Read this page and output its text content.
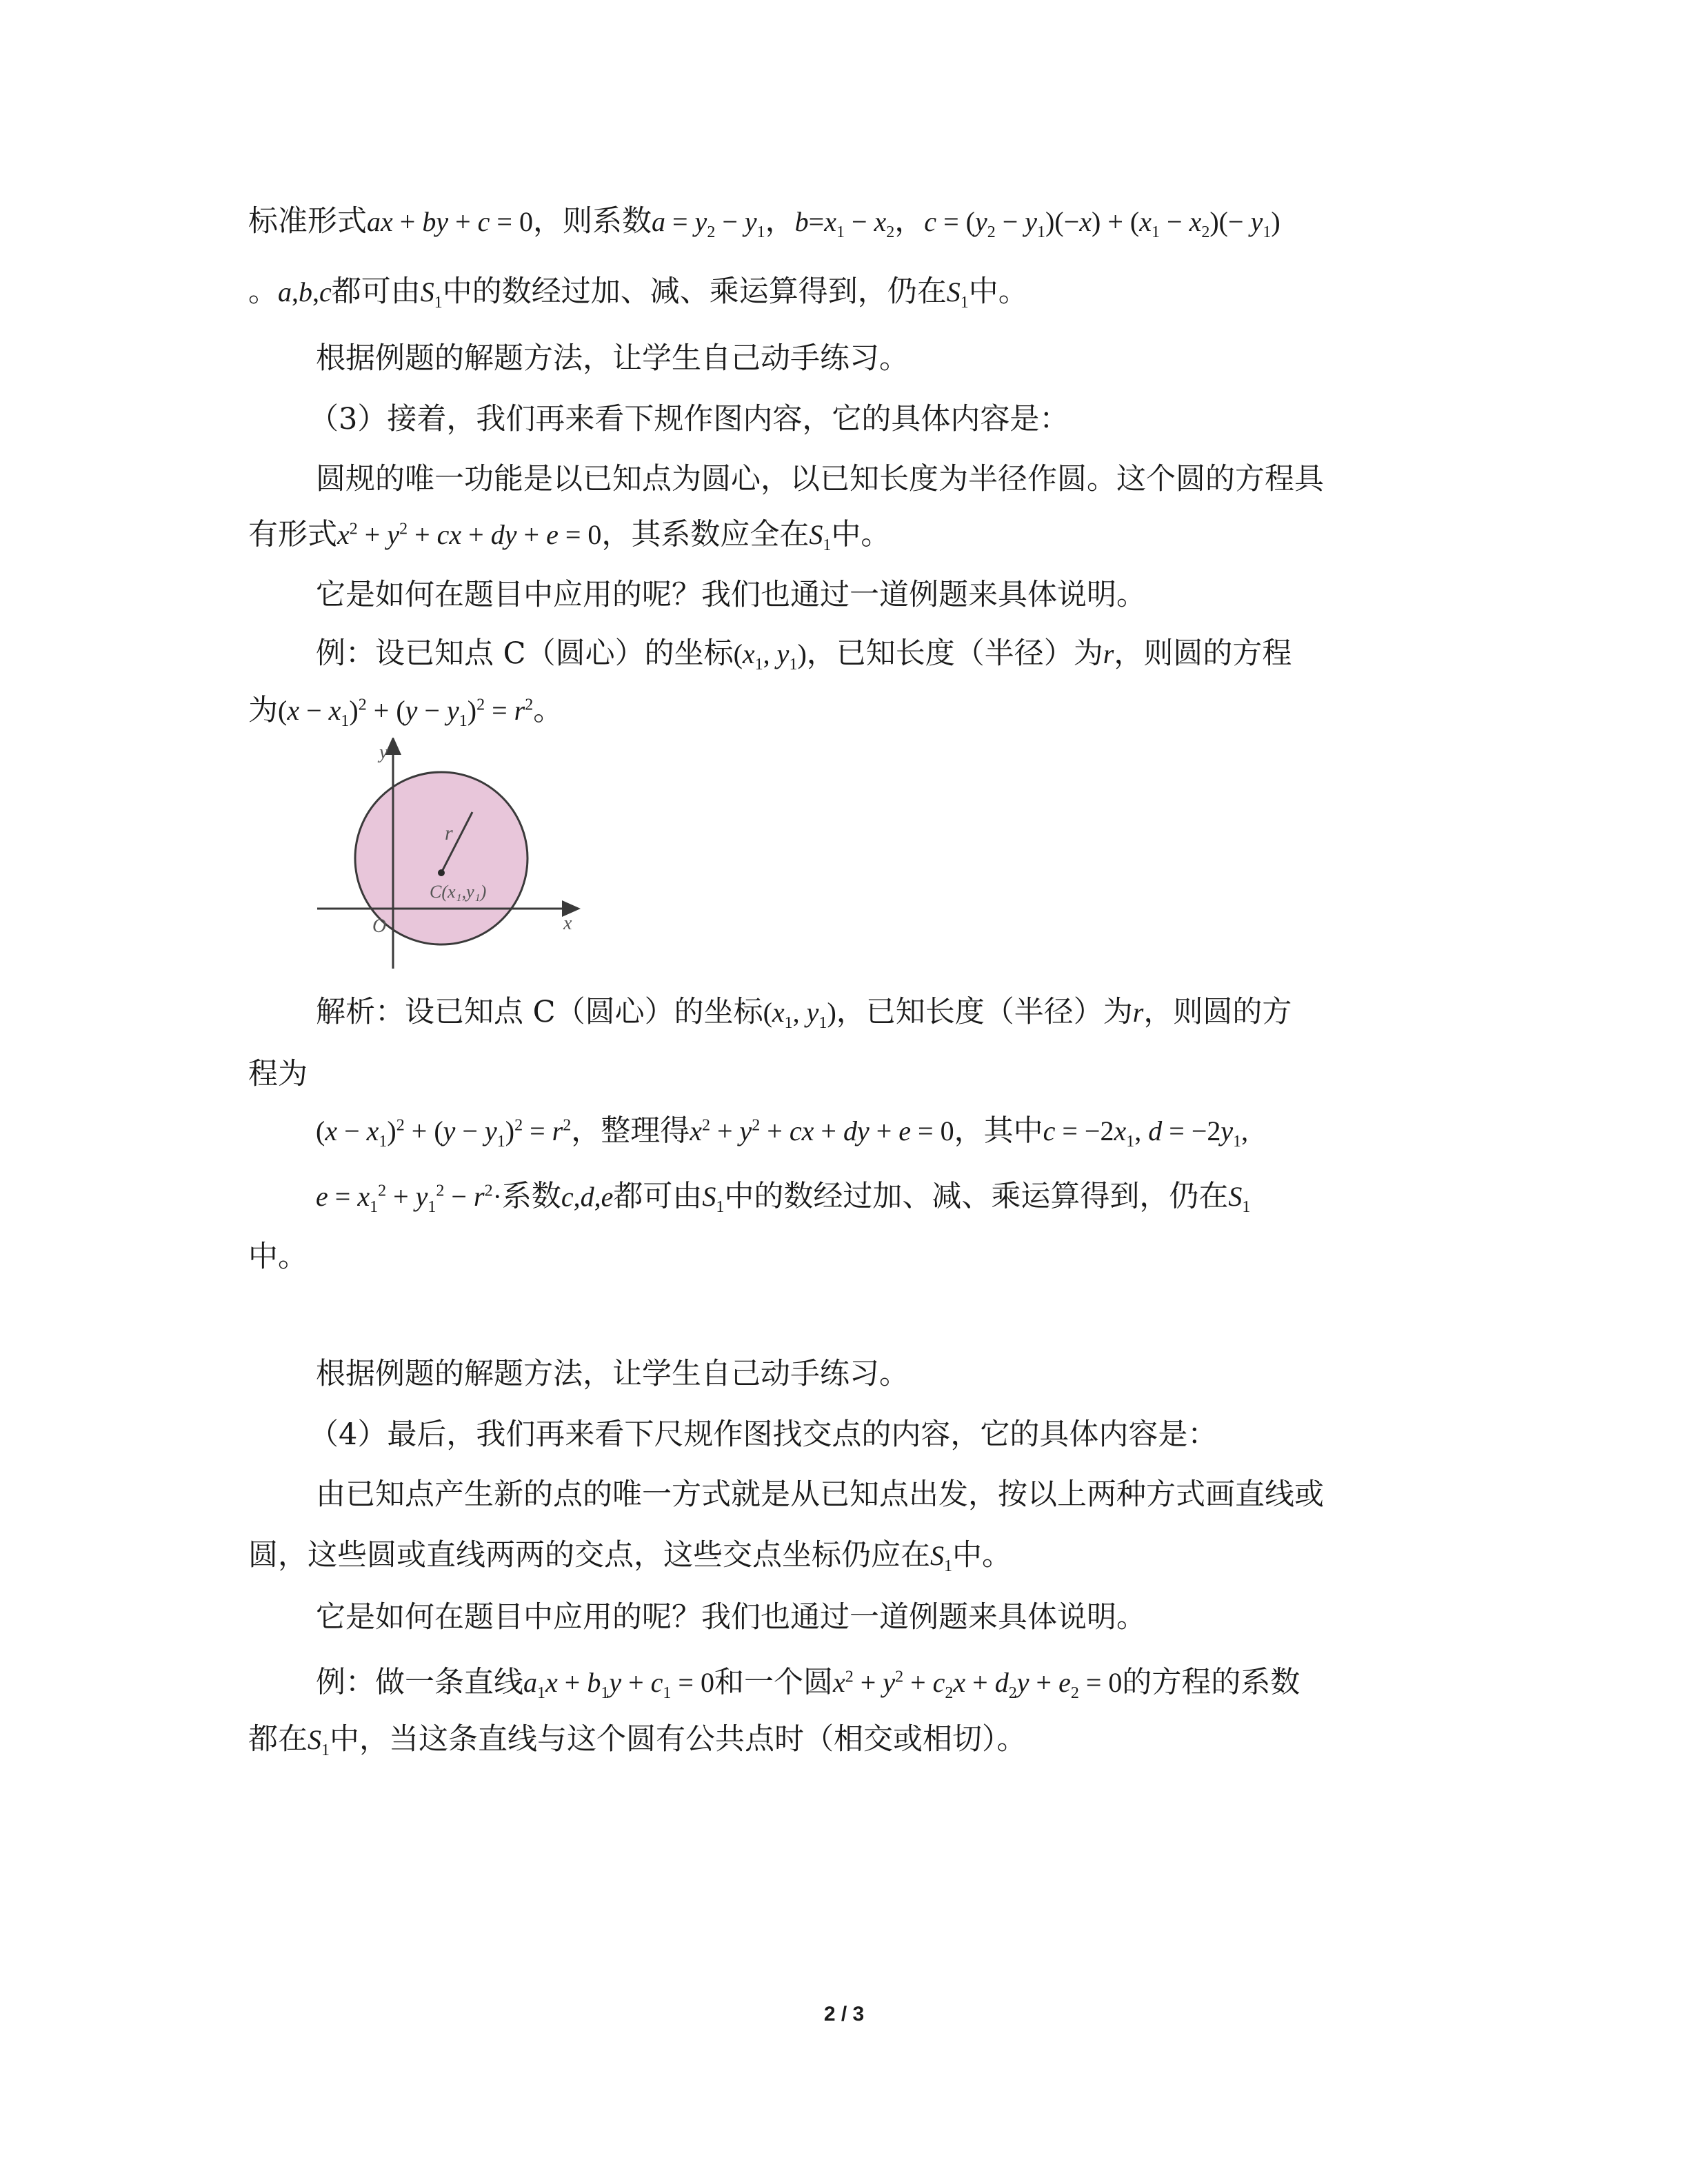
标准形式ax + by + c = 0，则系数$a = y_2 - y_1$，$b=x_1 - x_2$，$c = (y_2 - y_1)(-x) + (x_1 - x_2)(- y_1)$
。a,b,c都可由$S_1$中的数经过加、减、乘运算得到，仍在$S_1$中。
根据例题的解题方法，让学生自己动手练习。
（3）接着，我们再来看下规作图内容，它的具体内容是：
圆规的唯一功能是以已知点为圆心，以已知长度为半径作圆。这个圆的方程具
有形式$x^2 + y^2$ + cx + dy + e = 0，其系数应全在$S_1$中。
它是如何在题目中应用的呢？我们也通过一道例题来具体说明。
例：设已知点 C（圆心）的坐标($x_1$, $y_1$)，已知长度（半径）为r，则圆的方程
为$(x - x_1)^2 + (y - y_1)^2 = r^2$。
y
x
O
r
C(x₁,y₁)
解析：设已知点 C（圆心）的坐标($x_1$, $y_1$)，已知长度（半径）为r，则圆的方
程为
$(x - x_1)^2 + (y - y_1)^2 = r^2$，整理得$x^2 + y^2$ + cx + dy + e = 0，其中$c = -2x_1$, $d = -2y_1$,
$e = x_1^2 + y_1^2 - r^2\cdot$系数c,d,e都可由$S_1$中的数经过加、减、乘运算得到，仍在$S_1$
中。
根据例题的解题方法，让学生自己动手练习。
（4）最后，我们再来看下尺规作图找交点的内容，它的具体内容是：
由已知点产生新的点的唯一方式就是从已知点出发，按以上两种方式画直线或
圆，这些圆或直线两两的交点，这些交点坐标仍应在$S_1$中。
它是如何在题目中应用的呢？我们也通过一道例题来具体说明。
例：做一条直线$a_1x + b_1y + c_1 = 0$和一个圆$x^2 + y^2 + c_2x + d_2y + e_2 = 0$的方程的系数
都在$S_1$中，当这条直线与这个圆有公共点时（相交或相切）。
2 / 3
